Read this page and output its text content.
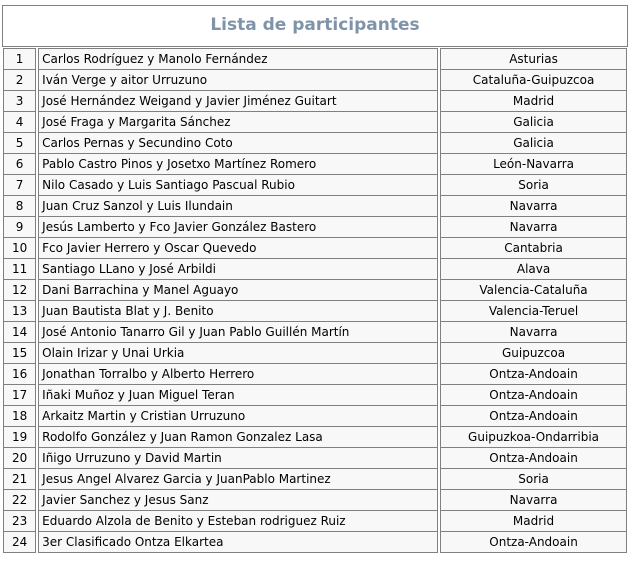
Lista de participantes
1	Carlos Rodríguez y Manolo Fernández	Asturias
2	Iván Verge y aitor Urruzuno	Cataluña-Guipuzcoa
3	José Hernández Weigand y Javier Jiménez Guitart	Madrid
4	José Fraga y Margarita Sánchez	Galicia
5	Carlos Pernas y Secundino Coto	Galicia
6	Pablo Castro Pinos y Josetxo Martínez Romero	León-Navarra
7	Nilo Casado y Luis Santiago Pascual Rubio	Soria
8	Juan Cruz Sanzol y Luis Ilundain	Navarra
9	Jesús Lamberto y Fco Javier González Bastero	Navarra
10	Fco Javier Herrero y Oscar Quevedo	Cantabria
11	Santiago LLano y José Arbildi	Alava
12	Dani Barrachina y Manel Aguayo	Valencia-Cataluña
13	Juan Bautista Blat y J. Benito	Valencia-Teruel
14	José Antonio Tanarro Gil y Juan Pablo Guillén Martín	Navarra
15	Olain Irizar y Unai Urkia	Guipuzcoa
16	Jonathan Torralbo y Alberto Herrero	Ontza-Andoain
17	Iñaki Muñoz y Juan Miguel Teran	Ontza-Andoain
18	Arkaitz Martin y Cristian Urruzuno	Ontza-Andoain
19	Rodolfo González y Juan Ramon Gonzalez Lasa	Guipuzkoa-Ondarribia
20	Iñigo Urruzuno y David Martin	Ontza-Andoain
21	Jesus Angel Alvarez Garcia y JuanPablo Martinez	Soria
22	Javier Sanchez y Jesus Sanz	Navarra
23	Eduardo Alzola de Benito y Esteban rodriguez Ruiz	Madrid
24	3er Clasificado Ontza Elkartea	Ontza-Andoain
